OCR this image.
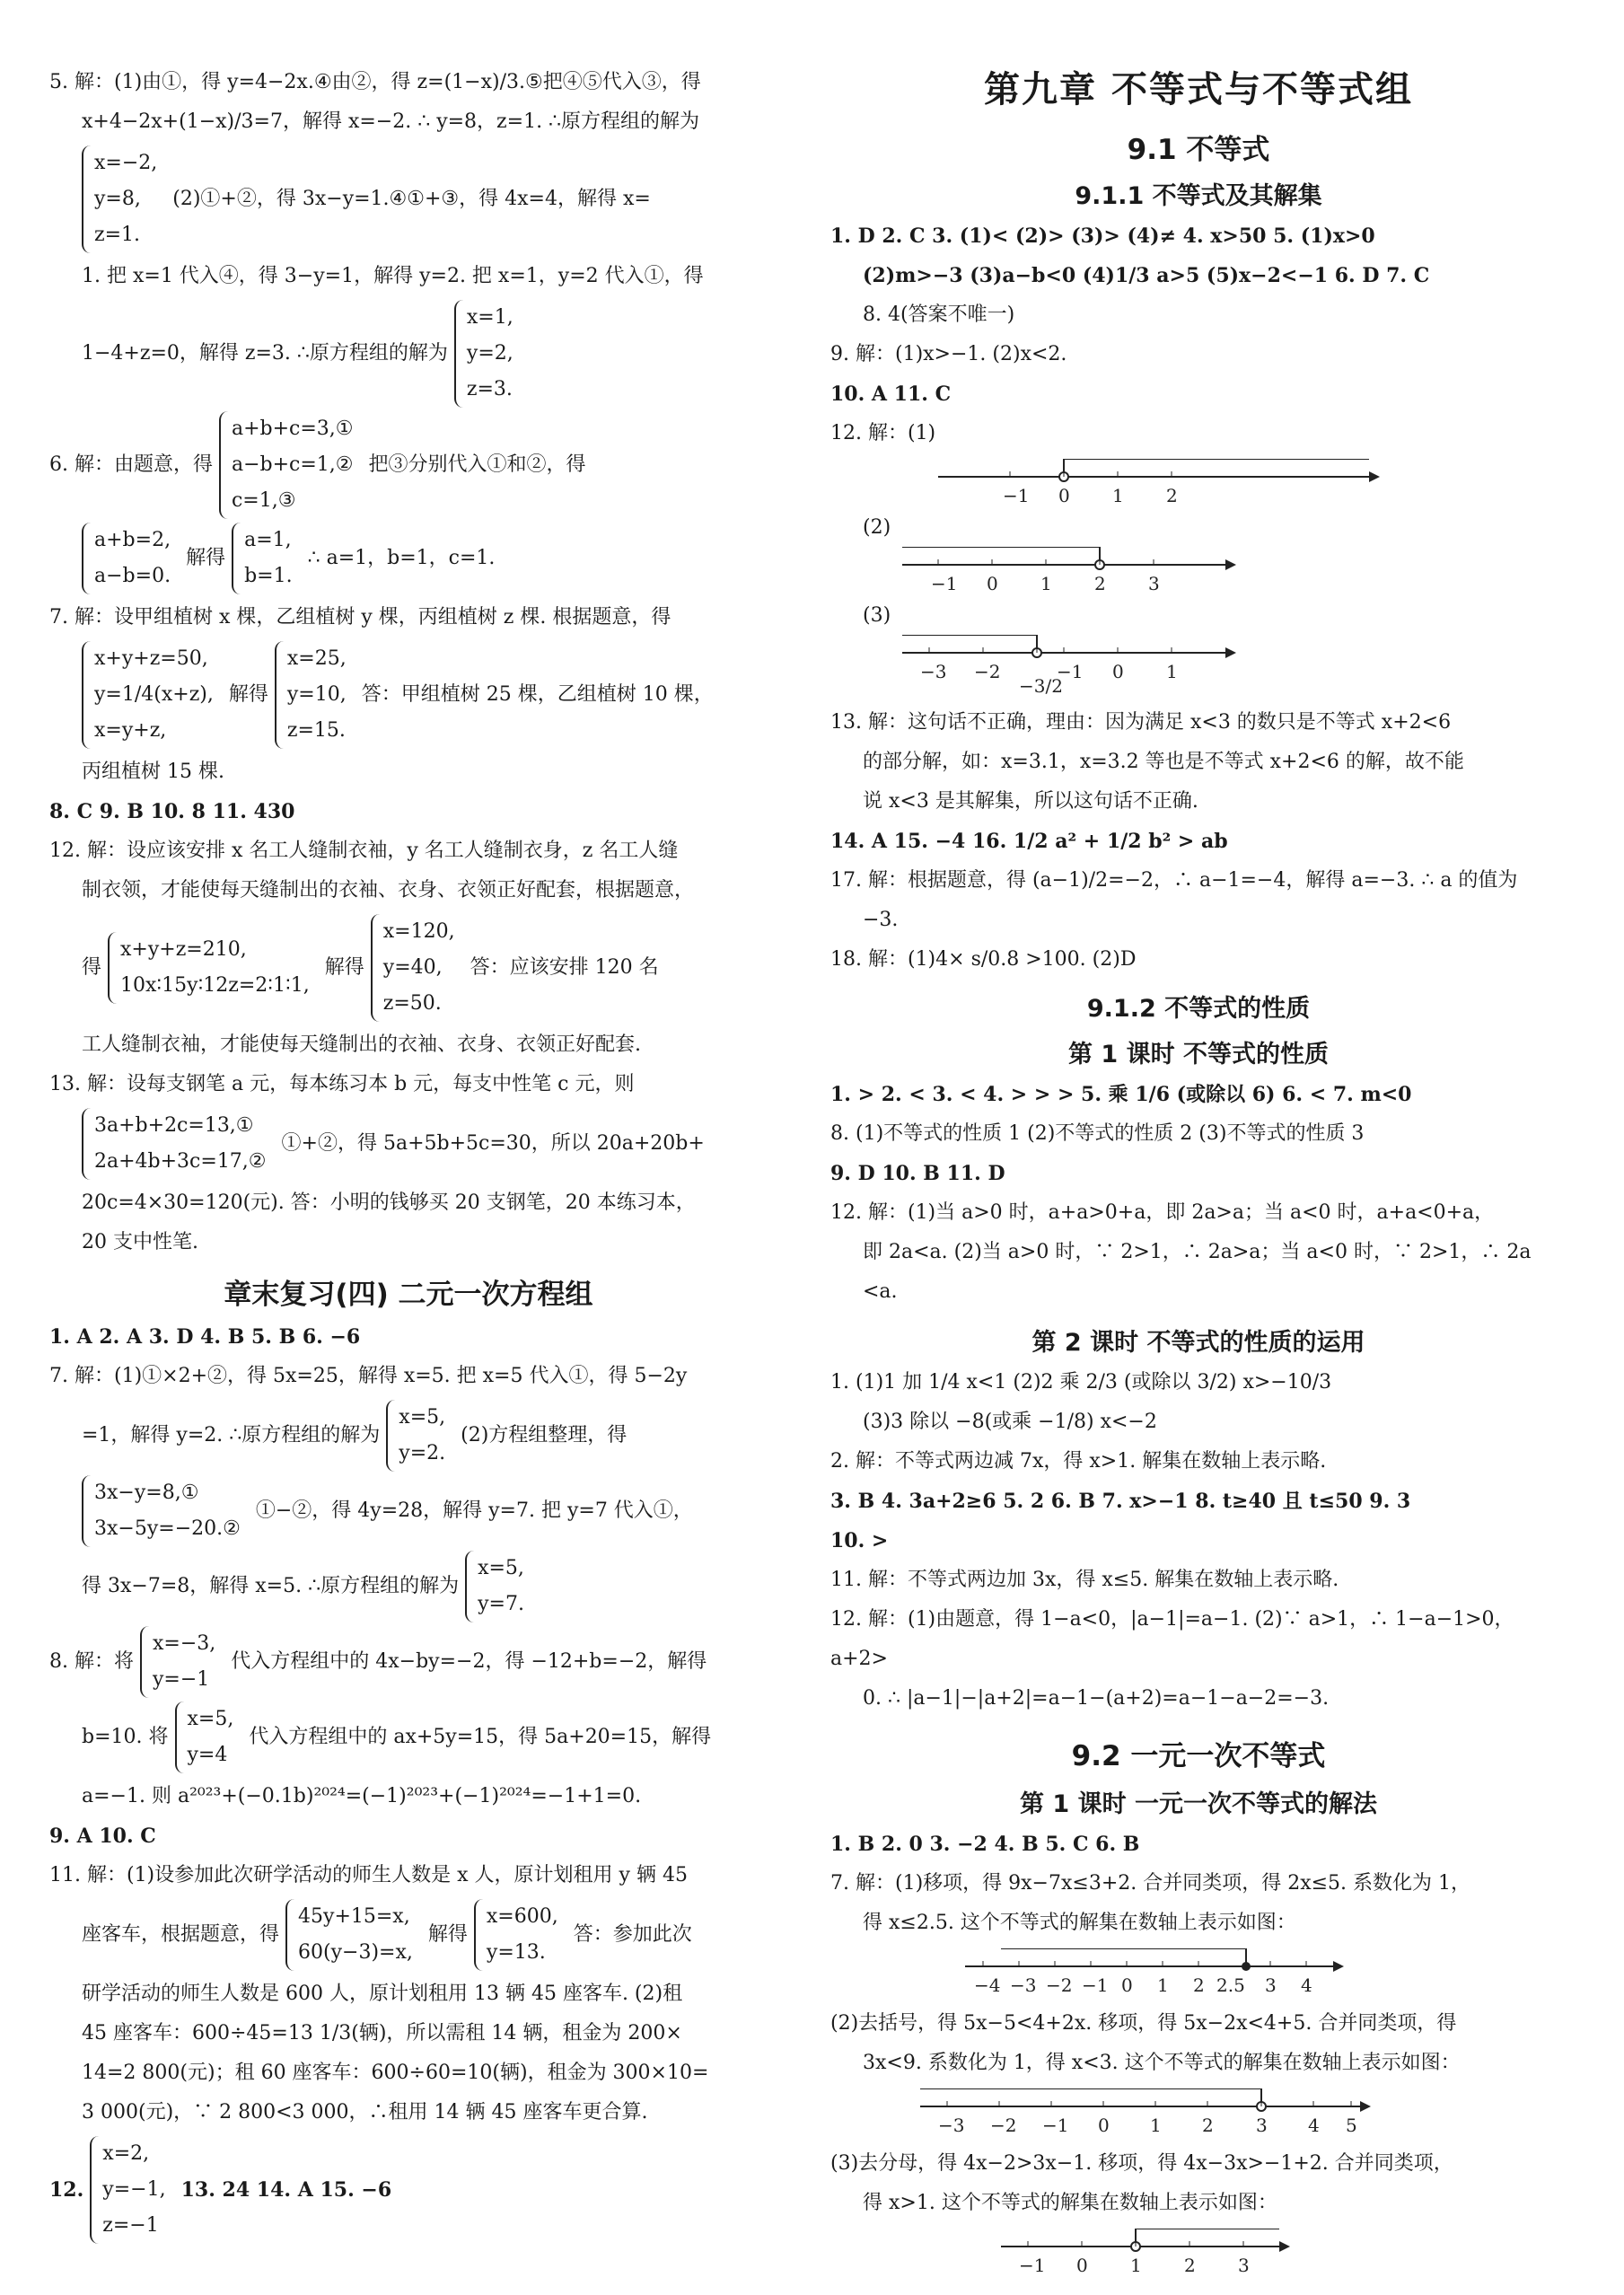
5. 解：(1)由①，得 y=4−2x.④由②，得 z=(1−x)/3.⑤把④⑤代入③，得

x+4−2x+(1−x)/3=7，解得 x=−2. ∴ y=8，z=1. ∴原方程组的解为

x=−2,
y=8,
z=1.
(2)①+②，得 3x−y=1.④①+③，得 4x=4，解得 x=

1. 把 x=1 代入④，得 3−y=1，解得 y=2. 把 x=1，y=2 代入①，得

1−4+z=0，解得 z=3. ∴原方程组的解为
x=1,
y=2,
z=3.
6. 解：由题意，得
a+b+c=3,①
a−b+c=1,②
c=1,③
把③分别代入①和②，得
a+b=2,
a−b=0.
解得
a=1,
b=1.
∴ a=1，b=1，c=1.

7. 解：设甲组植树 x 棵，乙组植树 y 棵，丙组植树 z 棵. 根据题意，得

x+y+z=50,
y=1/4(x+z),
x=y+z,
解得
x=25,
y=10,
z=15.
答：甲组植树 25 棵，乙组植树 10 棵，

丙组植树 15 棵.

8. C 9. B 10. 8 11. 430

12. 解：设应该安排 x 名工人缝制衣袖，y 名工人缝制衣身，z 名工人缝

制衣领，才能使每天缝制出的衣袖、衣身、衣领正好配套，根据题意，

得
x+y+z=210,
10x∶15y∶12z=2∶1∶1,
解得
x=120,
y=40,
z=50.
答：应该安排 120 名

工人缝制衣袖，才能使每天缝制出的衣袖、衣身、衣领正好配套.

13. 解：设每支钢笔 a 元，每本练习本 b 元，每支中性笔 c 元，则

3a+b+2c=13,①
2a+4b+3c=17,②
①+②，得 5a+5b+5c=30，所以 20a+20b+

20c=4×30=120(元). 答：小明的钱够买 20 支钢笔，20 本练习本，

20 支中性笔.

章末复习(四) 二元一次方程组

1. A 2. A 3. D 4. B 5. B 6. −6

7. 解：(1)①×2+②，得 5x=25，解得 x=5. 把 x=5 代入①，得 5−2y

=1，解得 y=2. ∴原方程组的解为
x=5,
y=2.
(2)方程组整理，得
3x−y=8,①
3x−5y=−20.②
①−②，得 4y=28，解得 y=7. 把 y=7 代入①，
得 3x−7=8，解得 x=5. ∴原方程组的解为
x=5,
y=7.
8. 解：将
x=−3,
y=−1
代入方程组中的 4x−by=−2，得 −12+b=−2，解得
b=10. 将
x=5,
y=4
代入方程组中的 ax+5y=15，得 5a+20=15，解得

a=−1. 则 a²⁰²³+(−0.1b)²⁰²⁴=(−1)²⁰²³+(−1)²⁰²⁴=−1+1=0.

9. A 10. C

11. 解：(1)设参加此次研学活动的师生人数是 x 人，原计划租用 y 辆 45

座客车，根据题意，得
45y+15=x,
60(y−3)=x,
解得
x=600,
y=13.
答：参加此次

研学活动的师生人数是 600 人，原计划租用 13 辆 45 座客车. (2)租

45 座客车：600÷45=13 1/3(辆)，所以需租 14 辆，租金为 200×

14=2 800(元)；租 60 座客车：600÷60=10(辆)，租金为 300×10=

3 000(元)，∵ 2 800<3 000，∴租用 14 辆 45 座客车更合算.

12.
x=2,
y=−1,
z=−1
13. 24 14. A 15. −6
第九章 不等式与不等式组
9.1 不等式
9.1.1 不等式及其解集

1. D 2. C 3. (1)< (2)> (3)> (4)≠ 4. x>50 5. (1)x>0

(2)m>−3 (3)a−b<0 (4)1/3 a>5 (5)x−2<−1 6. D 7. C

8. 4(答案不唯一)

9. 解：(1)x>−1. (2)x<2.

10. A 11. C

12. 解：(1)

−1 0 1 2

(2)

−1 0 1 2 3

(3)

−3 −2
−3/2
−1 0 1

13. 解：这句话不正确，理由：因为满足 x<3 的数只是不等式 x+2<6

的部分解，如：x=3.1，x=3.2 等也是不等式 x+2<6 的解，故不能

说 x<3 是其解集，所以这句话不正确.

14. A 15. −4 16. 1/2 a² + 1/2 b² > ab

17. 解：根据题意，得 (a−1)/2=−2，∴ a−1=−4，解得 a=−3. ∴ a 的值为

−3.

18. 解：(1)4× s/0.8 >100. (2)D

9.1.2 不等式的性质
第 1 课时 不等式的性质

1. > 2. < 3. < 4. > > > 5. 乘 1/6 (或除以 6) 6. < 7. m<0

8. (1)不等式的性质 1 (2)不等式的性质 2 (3)不等式的性质 3

9. D 10. B 11. D

12. 解：(1)当 a>0 时，a+a>0+a，即 2a>a；当 a<0 时，a+a<0+a，

即 2a<a. (2)当 a>0 时，∵ 2>1，∴ 2a>a；当 a<0 时，∵ 2>1，∴ 2a

<a.

第 2 课时 不等式的性质的运用

1. (1)1 加 1/4 x<1 (2)2 乘 2/3 (或除以 3/2) x>−10/3

(3)3 除以 −8(或乘 −1/8) x<−2

2. 解：不等式两边减 7x，得 x>1. 解集在数轴上表示略.

3. B 4. 3a+2≥6 5. 2 6. B 7. x>−1 8. t≥40 且 t≤50 9. 3

10. >

11. 解：不等式两边加 3x，得 x≤5. 解集在数轴上表示略.

12. 解：(1)由题意，得 1−a<0，|a−1|=a−1. (2)∵ a>1，∴ 1−a−1>0，a+2>

0. ∴ |a−1|−|a+2|=a−1−(a+2)=a−1−a−2=−3.

9.2 一元一次不等式
第 1 课时 一元一次不等式的解法

1. B 2. 0 3. −2 4. B 5. C 6. B

7. 解：(1)移项，得 9x−7x≤3+2. 合并同类项，得 2x≤5. 系数化为 1，

得 x≤2.5. 这个不等式的解集在数轴上表示如图：

−4 −3 −2 −1 0 1 2 2.5 3 4

(2)去括号，得 5x−5<4+2x. 移项，得 5x−2x<4+5. 合并同类项，得

3x<9. 系数化为 1，得 x<3. 这个不等式的解集在数轴上表示如图：

−3 −2 −1 0 1 2 3 4 5

(3)去分母，得 4x−2>3x−1. 移项，得 4x−3x>−1+2. 合并同类项，

得 x>1. 这个不等式的解集在数轴上表示如图：

−1 0 1 2 3
